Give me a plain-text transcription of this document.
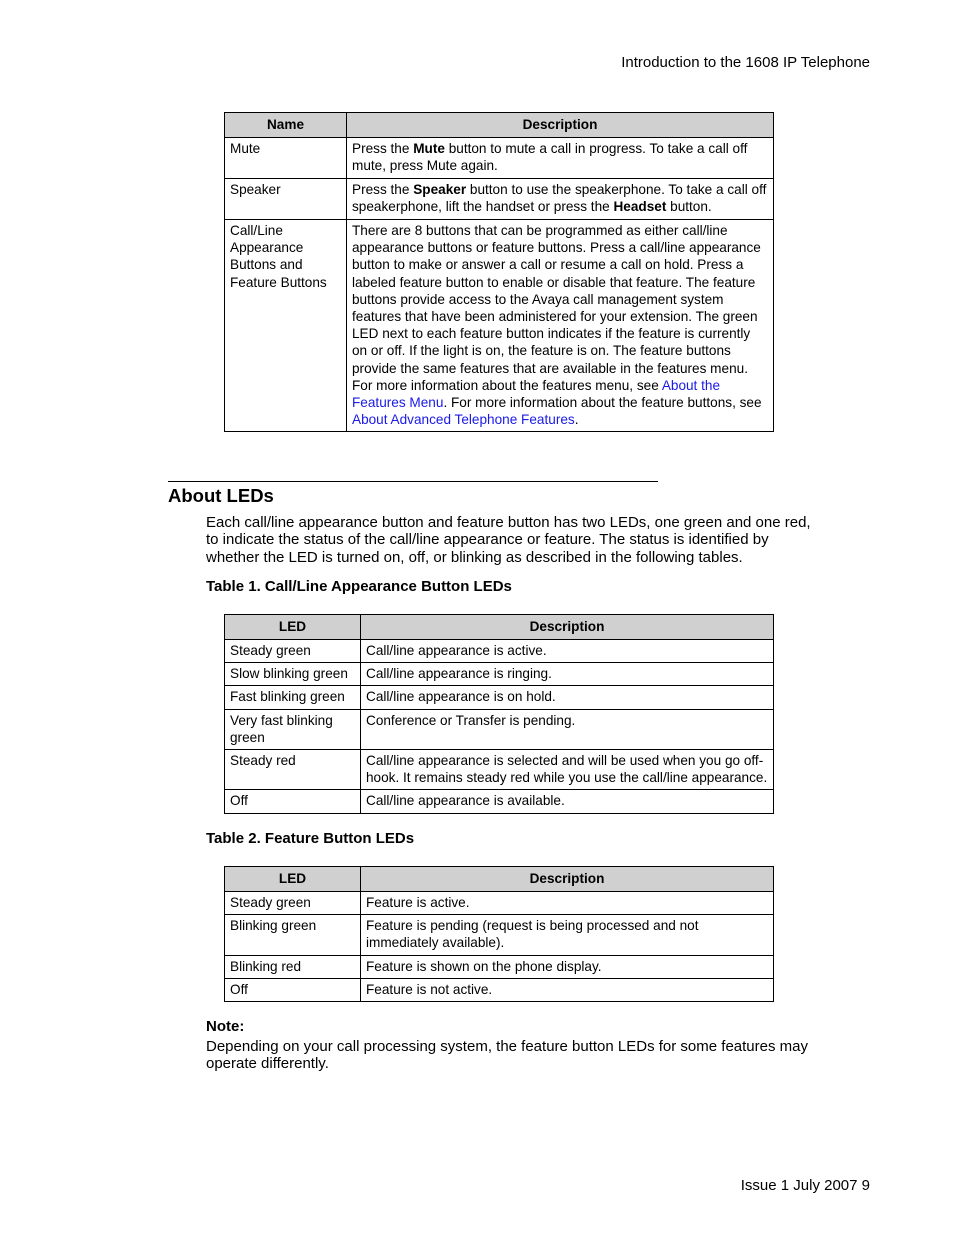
Introduction to the 1608 IP Telephone
Name	Description
Mute	Press the Mute button to mute a call in progress. To take a call off mute, press Mute again.
Speaker	Press the Speaker button to use the speakerphone. To take a call off speakerphone, lift the handset or press the Headset button.
Call/Line Appearance Buttons and Feature Buttons	There are 8 buttons that can be programmed as either call/line appearance buttons or feature buttons. Press a call/line appearance button to make or answer a call or resume a call on hold. Press a labeled feature button to enable or disable that feature. The feature buttons provide access to the Avaya call management system features that have been administered for your extension. The green LED next to each feature button indicates if the feature is currently on or off. If the light is on, the feature is on. The feature buttons provide the same features that are available in the features menu. For more information about the features menu, see About the Features Menu. For more information about the feature buttons, see About Advanced Telephone Features.
About LEDs
Each call/line appearance button and feature button has two LEDs, one green and one red, to indicate the status of the call/line appearance or feature. The status is identified by whether the LED is turned on, off, or blinking as described in the following tables.
Table 1. Call/Line Appearance Button LEDs
LED	Description
Steady green	Call/line appearance is active.
Slow blinking green	Call/line appearance is ringing.
Fast blinking green	Call/line appearance is on hold.
Very fast blinking green	Conference or Transfer is pending.
Steady red	Call/line appearance is selected and will be used when you go off-hook. It remains steady red while you use the call/line appearance.
Off	Call/line appearance is available.
Table 2. Feature Button LEDs
LED	Description
Steady green	Feature is active.
Blinking green	Feature is pending (request is being processed and not immediately available).
Blinking red	Feature is shown on the phone display.
Off	Feature is not active.
Note:
Depending on your call processing system, the feature button LEDs for some features may operate differently.
Issue 1 July 2007 9
